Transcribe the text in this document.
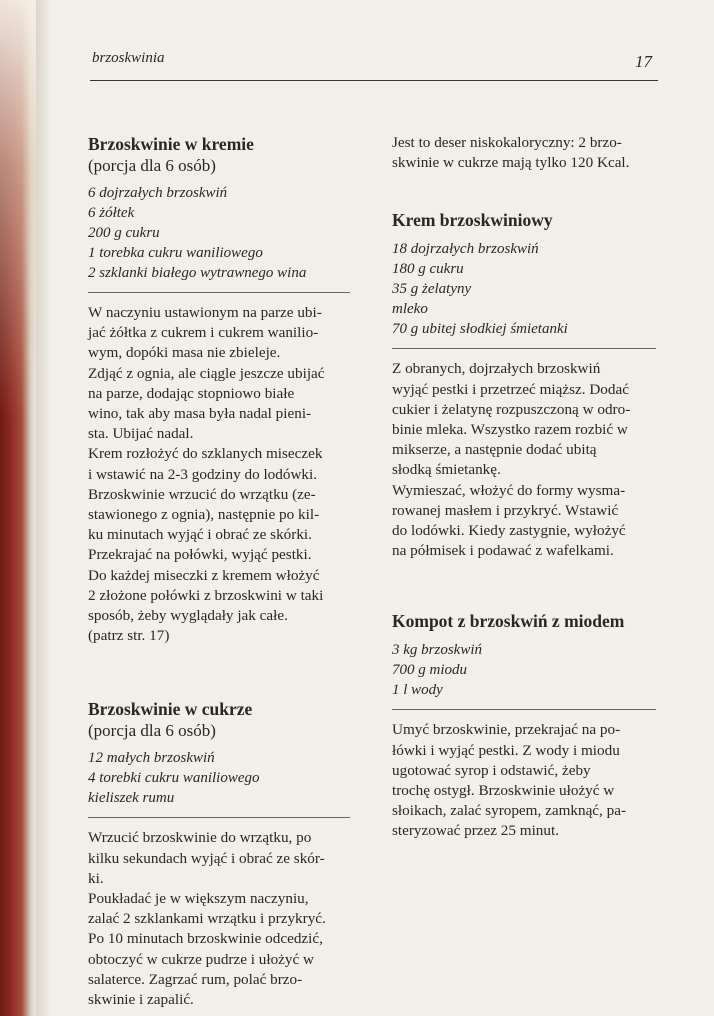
brzoskwinia	17
Brzoskwinie w kremie

(porcja dla 6 osób)

6 dojrzałych brzoskwiń
6 żółtek
200 g cukru
1 torebka cukru waniliowego
2 szklanki białego wytrawnego wina

W naczyniu ustawionym na parze ubi-
jać żółtka z cukrem i cukrem wanilio-
wym, dopóki masa nie zbieleje.
Zdjąć z ognia, ale ciągle jeszcze ubijać
na parze, dodając stopniowo białe
wino, tak aby masa była nadal pieni-
sta. Ubijać nadal.
Krem rozłożyć do szklanych miseczek
i wstawić na 2-3 godziny do lodówki.
Brzoskwinie wrzucić do wrzątku (ze-
stawionego z ognia), następnie po kil-
ku minutach wyjąć i obrać ze skórki.
Przekrajać na połówki, wyjąć pestki.
Do każdej miseczki z kremem włożyć
2 złożone połówki z brzoskwini w taki
sposób, żeby wyglądały jak całe.
(patrz str. 17)

Brzoskwinie w cukrze

(porcja dla 6 osób)

12 małych brzoskwiń
4 torebki cukru waniliowego
kieliszek rumu

Wrzucić brzoskwinie do wrzątku, po
kilku sekundach wyjąć i obrać ze skór-
ki.
Poukładać je w większym naczyniu,
zalać 2 szklankami wrzątku i przykryć.
Po 10 minutach brzoskwinie odcedzić,
obtoczyć w cukrze pudrze i ułożyć w
salaterce. Zagrzać rum, polać brzo-
skwinie i zapalić.

Jest to deser niskokaloryczny: 2 brzo-
skwinie w cukrze mają tylko 120 Kcal.

Krem brzoskwiniowy
18 dojrzałych brzoskwiń
180 g cukru
35 g żelatyny
mleko
70 g ubitej słodkiej śmietanki

Z obranych, dojrzałych brzoskwiń
wyjąć pestki i przetrzeć miąższ. Dodać
cukier i żelatynę rozpuszczoną w odro-
binie mleka. Wszystko razem rozbić w
mikserze, a następnie dodać ubitą
słodką śmietankę.
Wymieszać, włożyć do formy wysma-
rowanej masłem i przykryć. Wstawić
do lodówki. Kiedy zastygnie, wyłożyć
na półmisek i podawać z wafelkami.

Kompot z brzoskwiń z miodem
3 kg brzoskwiń
700 g miodu
1 l wody

Umyć brzoskwinie, przekrajać na po-
łówki i wyjąć pestki. Z wody i miodu
ugotować syrop i odstawić, żeby
trochę ostygł. Brzoskwinie ułożyć w
słoikach, zalać syropem, zamknąć, pa-
steryzować przez 25 minut.
